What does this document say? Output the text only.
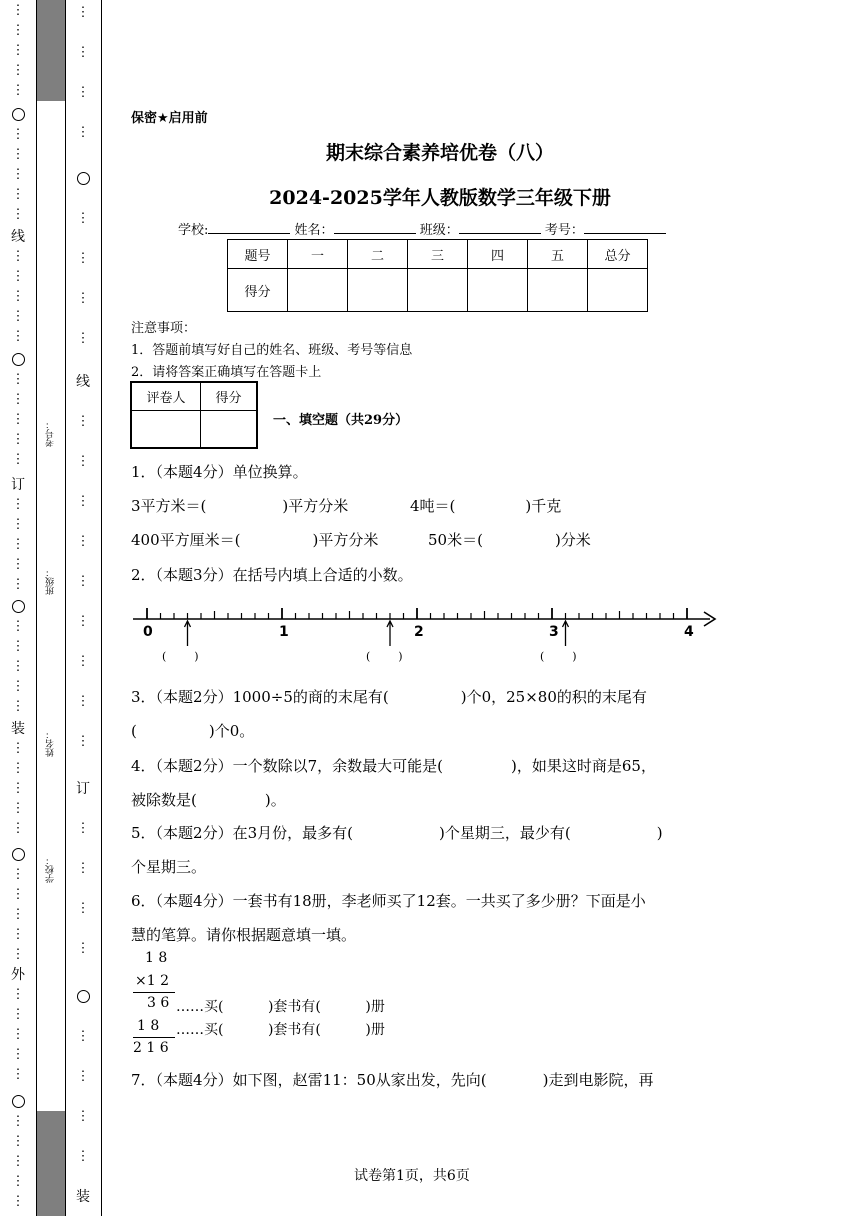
⋮
⋮
⋮
⋮
⋮
⋮
⋮
⋮
⋮
⋮
线
⋮
⋮
⋮
⋮
⋮
⋮
⋮
⋮
⋮
⋮
订
⋮
⋮
⋮
⋮
⋮
⋮
⋮
⋮
⋮
⋮
装
⋮
⋮
⋮
⋮
⋮
⋮
⋮
⋮
⋮
⋮
外
⋮
⋮
⋮
⋮
⋮
⋮
⋮
⋮
⋮
⋮
⋮
⋮
⋮
⋮
⋮
⋮
⋮
⋮
线
⋮
⋮
⋮
⋮
⋮
⋮
⋮
⋮
⋮
订
⋮
⋮
⋮
⋮
⋮
⋮
⋮
⋮
装
考号：
班级：
姓名：
学校：
保密★启用前
期末综合素养培优卷（八）
2024-2025学年人教版数学三年级下册
学校:	姓名：	班级：	考号：
题号	一	二	三	四	五	总分
得分						
注意事项：
1．答题前填写好自己的姓名、班级、考号等信息
2．请将答案正确填写在答题卡上
评卷人	得分

一、填空题（共29分）
1．（本题4分）单位换算。
3平方米＝(	)平方分米	4吨＝(	)千克
400平方厘米＝(	)平方分米	50米＝(	)分米
2．（本题3分）在括号内填上合适的小数。
0	1	2	3	4
(        )	(        )	(        )
3．（本题2分）1000÷5的商的末尾有(	)个0，25×80的积的末尾有
(	)个0。
4．（本题2分）一个数除以7，余数最大可能是(	)，如果这时商是65，
被除数是(	)。
5．（本题2分）在3月份，最多有(	)个星期三，最少有(	)
个星期三。
6．（本题4分）一套书有18册，李老师买了12套。一共买了多少册？下面是小
慧的笔算。请你根据题意填一填。
1 8
×1 2
3 6
1 8
2 1 6
……买(          )套书有(          )册
……买(          )套书有(          )册
7．（本题4分）如下图，赵雷11：50从家出发，先向(	)走到电影院，再
试卷第1页，共6页
